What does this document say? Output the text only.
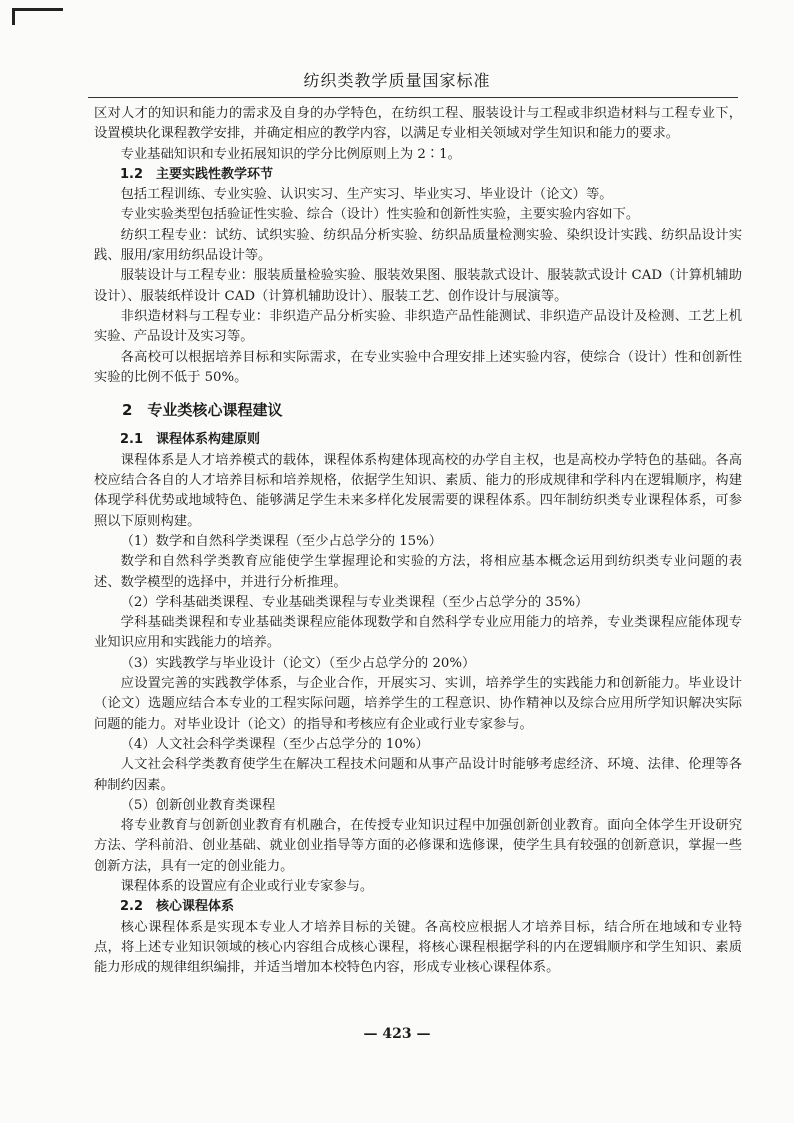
纺织类教学质量国家标准

区对人才的知识和能力的需求及自身的办学特色，在纺织工程、服装设计与工程或非织造材料与工程专业下，设置模块化课程教学安排，并确定相应的教学内容，以满足专业相关领域对学生知识和能力的要求。

专业基础知识和专业拓展知识的学分比例原则上为 2∶1。

1.2　主要实践性教学环节

包括工程训练、专业实验、认识实习、生产实习、毕业实习、毕业设计（论文）等。

专业实验类型包括验证性实验、综合（设计）性实验和创新性实验，主要实验内容如下。

纺织工程专业：试纺、试织实验、纺织品分析实验、纺织品质量检测实验、染织设计实践、纺织品设计实践、服用/家用纺织品设计等。

服装设计与工程专业：服装质量检验实验、服装效果图、服装款式设计、服装款式设计 CAD（计算机辅助设计）、服装纸样设计 CAD（计算机辅助设计）、服装工艺、创作设计与展演等。

非织造材料与工程专业：非织造产品分析实验、非织造产品性能测试、非织造产品设计及检测、工艺上机实验、产品设计及实习等。

各高校可以根据培养目标和实际需求，在专业实验中合理安排上述实验内容，使综合（设计）性和创新性实验的比例不低于 50%。

2　专业类核心课程建议

2.1　课程体系构建原则

课程体系是人才培养模式的载体，课程体系构建体现高校的办学自主权，也是高校办学特色的基础。各高校应结合各自的人才培养目标和培养规格，依据学生知识、素质、能力的形成规律和学科内在逻辑顺序，构建体现学科优势或地域特色、能够满足学生未来多样化发展需要的课程体系。四年制纺织类专业课程体系，可参照以下原则构建。

（1）数学和自然科学类课程（至少占总学分的 15%）

数学和自然科学类教育应能使学生掌握理论和实验的方法，将相应基本概念运用到纺织类专业问题的表述、数学模型的选择中，并进行分析推理。

（2）学科基础类课程、专业基础类课程与专业类课程（至少占总学分的 35%）

学科基础类课程和专业基础类课程应能体现数学和自然科学专业应用能力的培养，专业类课程应能体现专业知识应用和实践能力的培养。

（3）实践教学与毕业设计（论文）（至少占总学分的 20%）

应设置完善的实践教学体系，与企业合作，开展实习、实训，培养学生的实践能力和创新能力。毕业设计（论文）选题应结合本专业的工程实际问题，培养学生的工程意识、协作精神以及综合应用所学知识解决实际问题的能力。对毕业设计（论文）的指导和考核应有企业或行业专家参与。

（4）人文社会科学类课程（至少占总学分的 10%）

人文社会科学类教育使学生在解决工程技术问题和从事产品设计时能够考虑经济、环境、法律、伦理等各种制约因素。

（5）创新创业教育类课程

将专业教育与创新创业教育有机融合，在传授专业知识过程中加强创新创业教育。面向全体学生开设研究方法、学科前沿、创业基础、就业创业指导等方面的必修课和选修课，使学生具有较强的创新意识，掌握一些创新方法，具有一定的创业能力。

课程体系的设置应有企业或行业专家参与。

2.2　核心课程体系

核心课程体系是实现本专业人才培养目标的关键。各高校应根据人才培养目标，结合所在地域和专业特点，将上述专业知识领域的核心内容组合成核心课程，将核心课程根据学科的内在逻辑顺序和学生知识、素质能力形成的规律组织编排，并适当增加本校特色内容，形成专业核心课程体系。

— 423 —
